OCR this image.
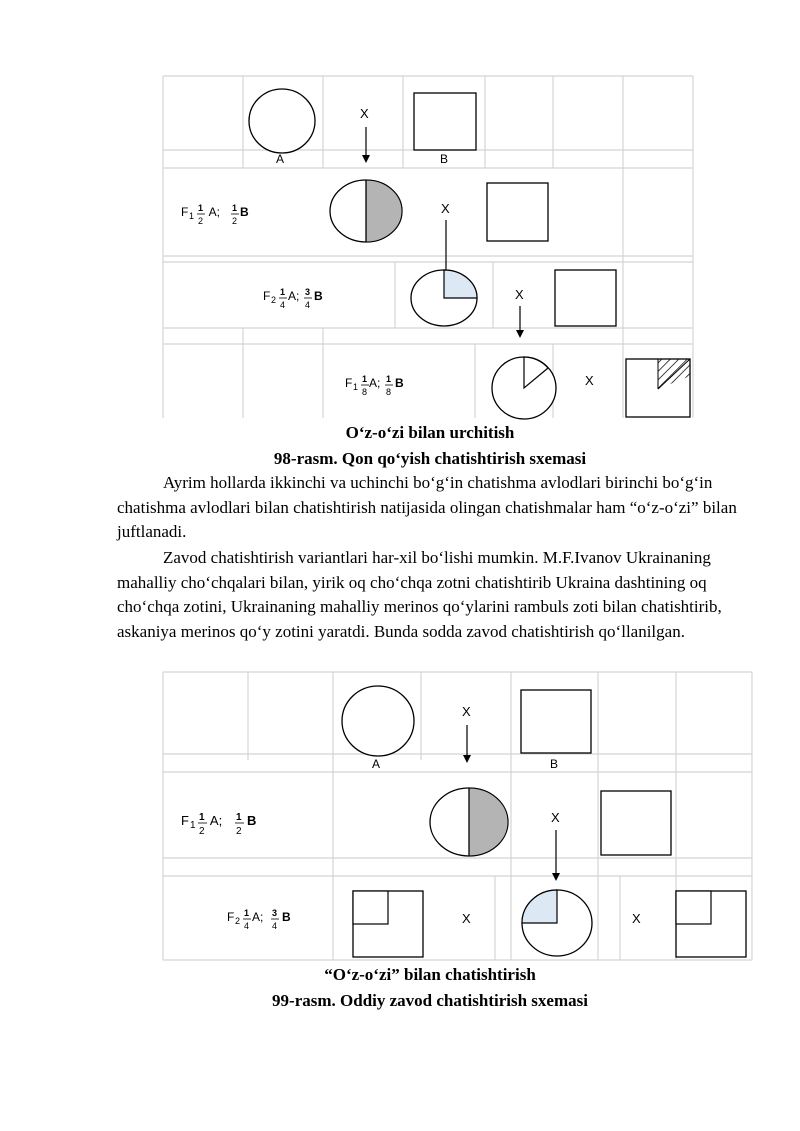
A
X
B
F 1
1
2
A; 1
2
B	X
F 2
1
4
A; 3
4
B	X
F 1
1
8
A; 1
8
B	X
O‘z-o‘zi bilan urchitish
98-rasm. Qon qo‘yish chatishtirish sxemasi
Ayrim hollarda ikkinchi va uchinchi bo‘g‘in chatishma avlodlari birinchi bo‘g‘in chatishma avlodlari bilan chatishtirish natijasida olingan chatishmalar ham “o‘z-o‘zi” bilan juftlanadi.
Zavod chatishtirish variantlari har-xil bo‘lishi mumkin. M.F.Ivanov Ukrainaning mahalliy cho‘chqalari bilan, yirik oq cho‘chqa zotni chatishtirib Ukraina dashtining oq cho‘chqa zotini, Ukrainaning mahalliy merinos qo‘ylarini rambuls zoti bilan chatishtirib, askaniya merinos qo‘y zotini yaratdi. Bunda sodda zavod chatishtirish qo‘llanilgan.
A
X
B
F 1
1
2
A; 1
2
B	X
F 2
1
4
A; 3
4
B	X	X
“O‘z-o‘zi” bilan chatishtirish
99-rasm. Oddiy zavod chatishtirish sxemasi
